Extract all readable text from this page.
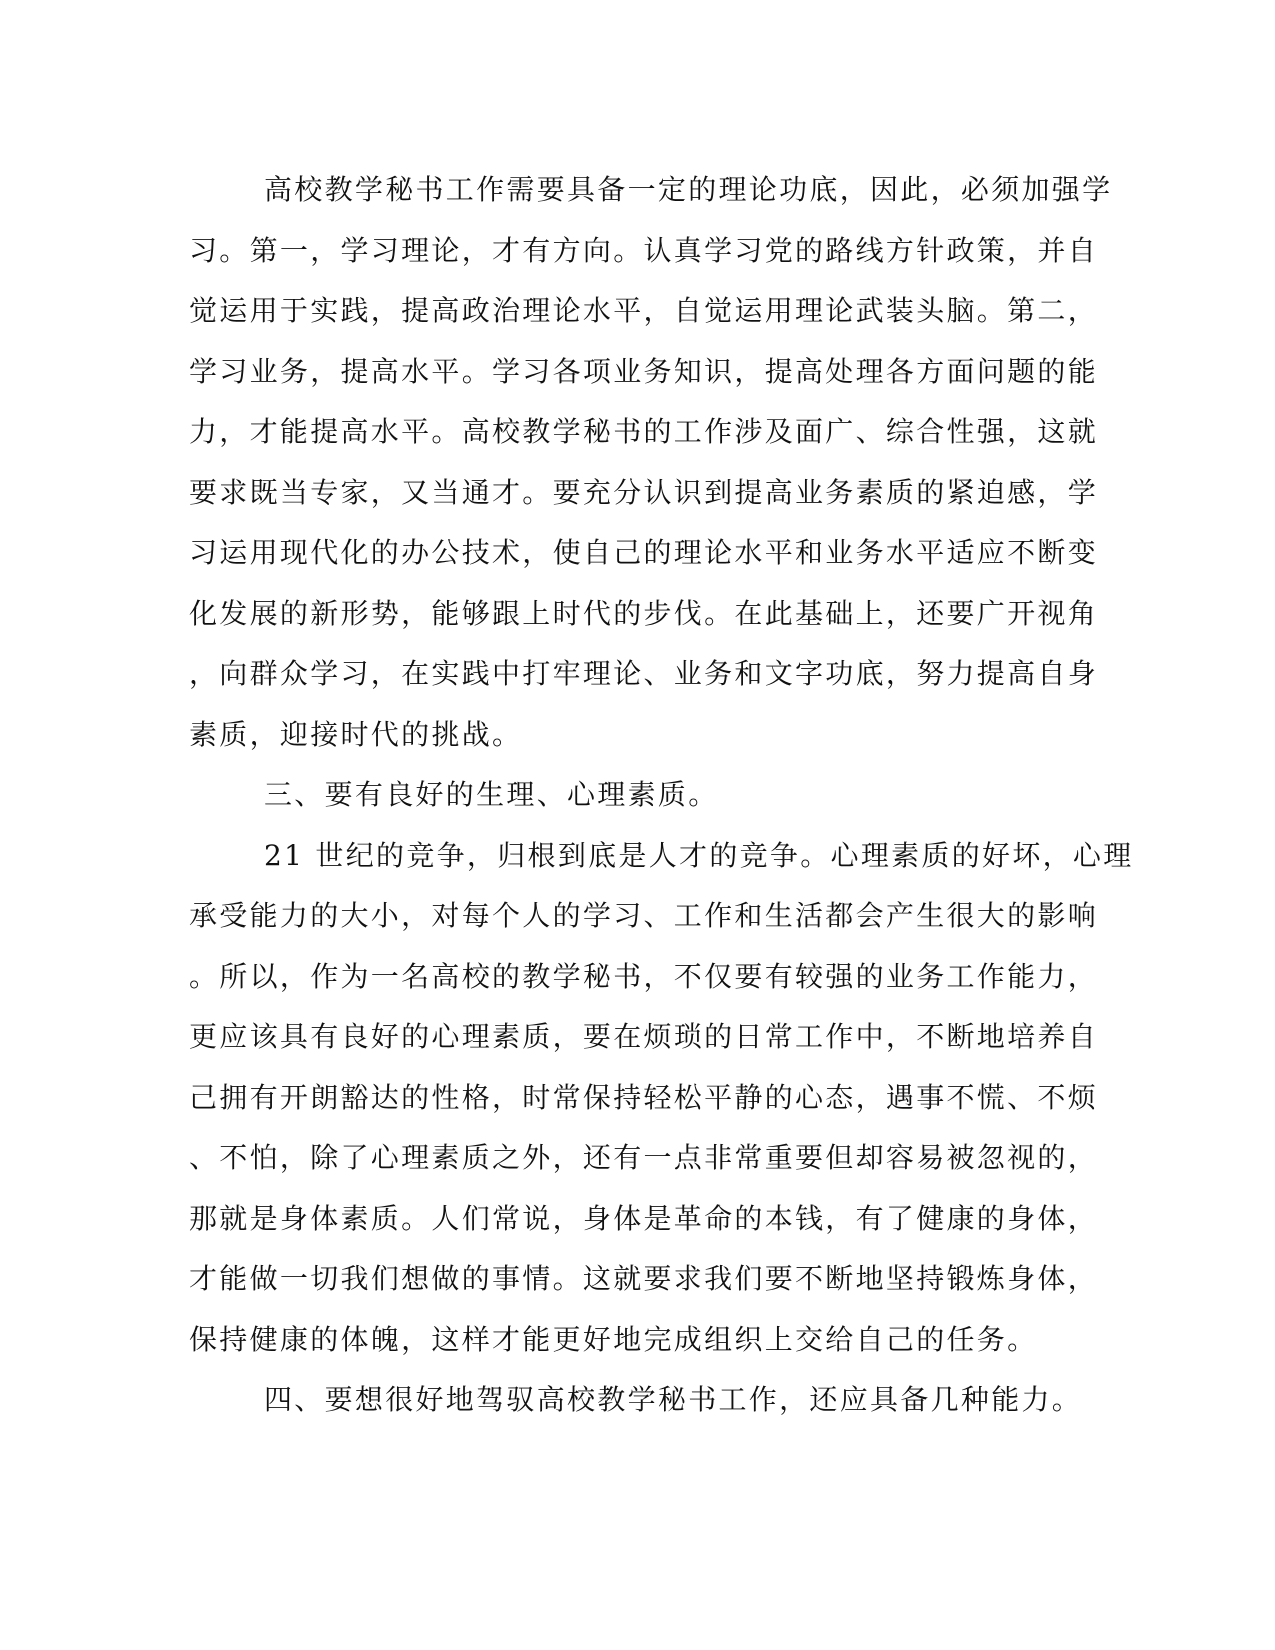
高校教学秘书工作需要具备一定的理论功底，因此，必须加强学
习。第一，学习理论，才有方向。认真学习党的路线方针政策，并自
觉运用于实践，提高政治理论水平，自觉运用理论武装头脑。第二，
学习业务，提高水平。学习各项业务知识，提高处理各方面问题的能
力，才能提高水平。高校教学秘书的工作涉及面广、综合性强，这就
要求既当专家，又当通才。要充分认识到提高业务素质的紧迫感，学
习运用现代化的办公技术，使自己的理论水平和业务水平适应不断变
化发展的新形势，能够跟上时代的步伐。在此基础上，还要广开视角
，向群众学习，在实践中打牢理论、业务和文字功底，努力提高自身
素质，迎接时代的挑战。
三、要有良好的生理、心理素质。
21 世纪的竞争，归根到底是人才的竞争。心理素质的好坏，心理
承受能力的大小，对每个人的学习、工作和生活都会产生很大的影响
。所以，作为一名高校的教学秘书，不仅要有较强的业务工作能力，
更应该具有良好的心理素质，要在烦琐的日常工作中，不断地培养自
己拥有开朗豁达的性格，时常保持轻松平静的心态，遇事不慌、不烦
、不怕，除了心理素质之外，还有一点非常重要但却容易被忽视的，
那就是身体素质。人们常说，身体是革命的本钱，有了健康的身体，
才能做一切我们想做的事情。这就要求我们要不断地坚持锻炼身体，
保持健康的体魄，这样才能更好地完成组织上交给自己的任务。
四、要想很好地驾驭高校教学秘书工作，还应具备几种能力。
